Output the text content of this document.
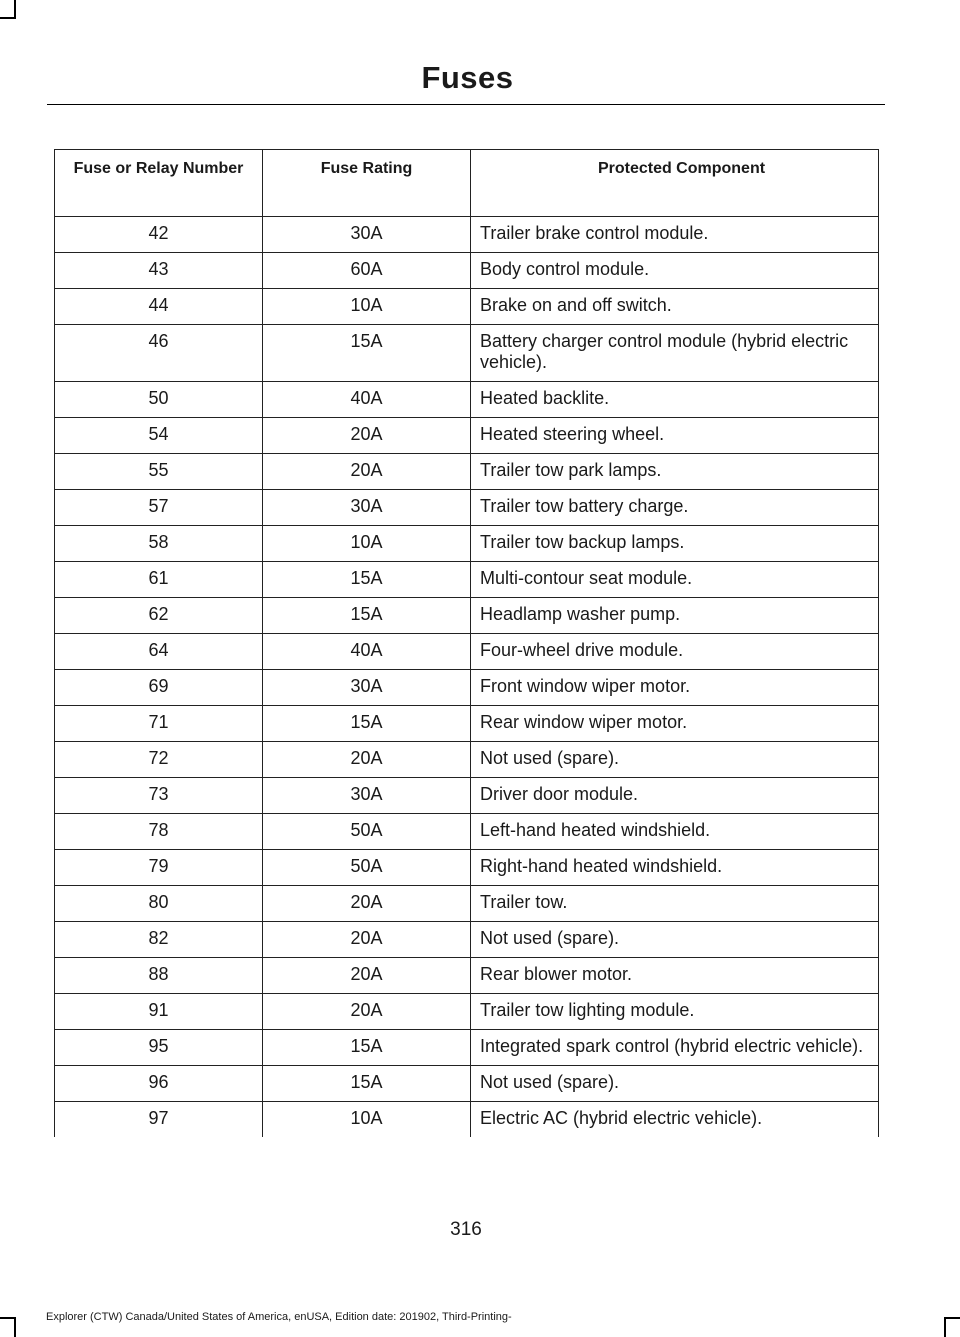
Fuses
Fuse or Relay Number	Fuse Rating	Protected Component
42	30A	Trailer brake control module.
43	60A	Body control module.
44	10A	Brake on and off switch.
46	15A	Battery charger control module (hybrid electric vehicle).
50	40A	Heated backlite.
54	20A	Heated steering wheel.
55	20A	Trailer tow park lamps.
57	30A	Trailer tow battery charge.
58	10A	Trailer tow backup lamps.
61	15A	Multi-contour seat module.
62	15A	Headlamp washer pump.
64	40A	Four-wheel drive module.
69	30A	Front window wiper motor.
71	15A	Rear window wiper motor.
72	20A	Not used (spare).
73	30A	Driver door module.
78	50A	Left-hand heated windshield.
79	50A	Right-hand heated windshield.
80	20A	Trailer tow.
82	20A	Not used (spare).
88	20A	Rear blower motor.
91	20A	Trailer tow lighting module.
95	15A	Integrated spark control (hybrid electric vehicle).
96	15A	Not used (spare).
97	10A	Electric AC (hybrid electric vehicle).
316
Explorer (CTW) Canada/United States of America, enUSA, Edition date: 201902, Third-Printing-
